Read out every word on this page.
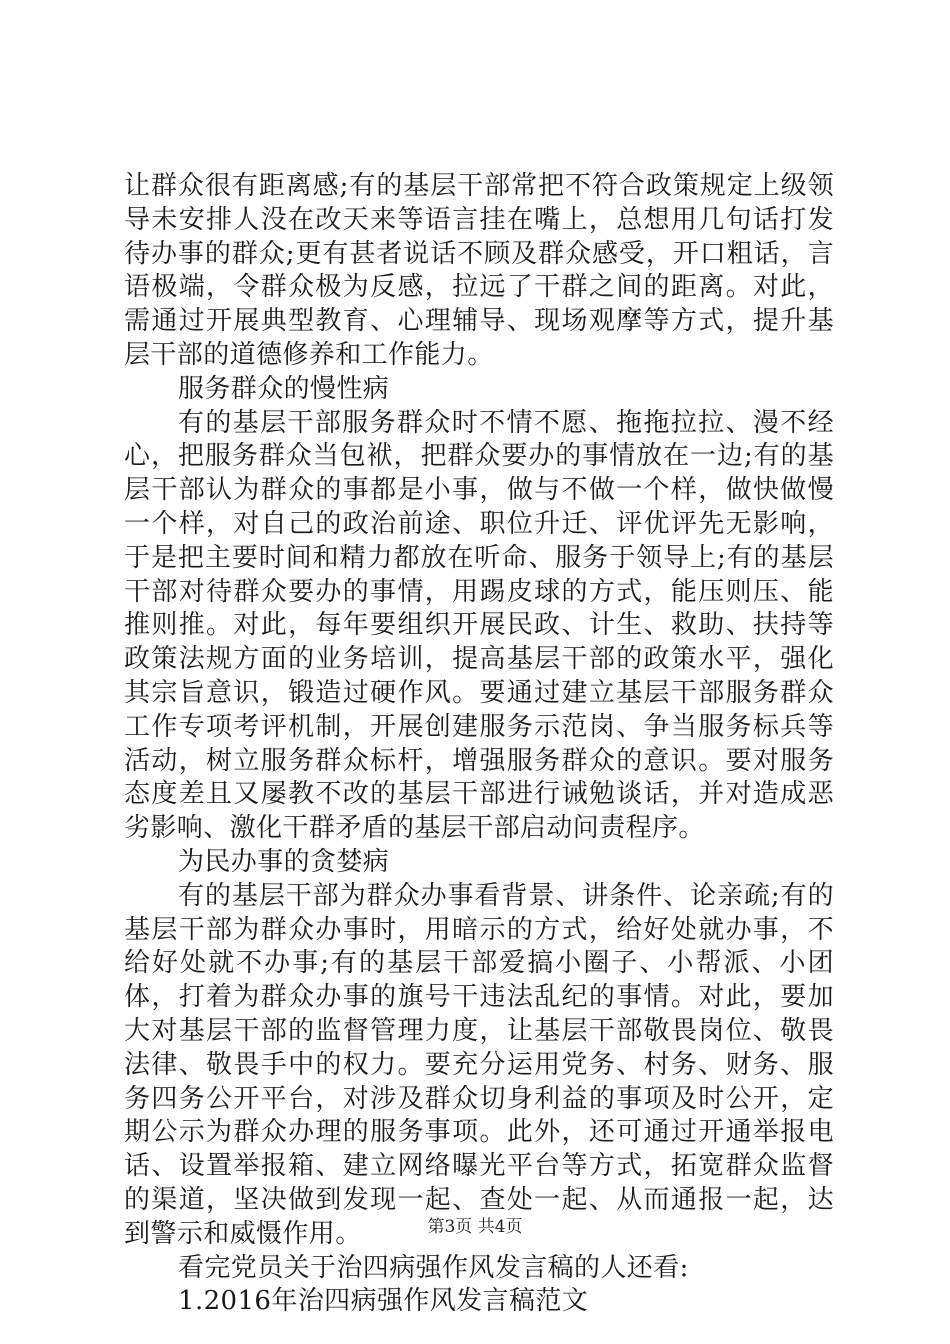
让群众很有距离感;有的基层干部常把不符合政策规定上级领导未安排人没在改天来等语言挂在嘴上，总想用几句话打发待办事的群众;更有甚者说话不顾及群众感受，开口粗话，言语极端，令群众极为反感，拉远了干群之间的距离。对此，需通过开展典型教育、心理辅导、现场观摩等方式，提升基层干部的道德修养和工作能力。

服务群众的慢性病

有的基层干部服务群众时不情不愿、拖拖拉拉、漫不经心，把服务群众当包袱，把群众要办的事情放在一边;有的基层干部认为群众的事都是小事，做与不做一个样，做快做慢一个样，对自己的政治前途、职位升迁、评优评先无影响，于是把主要时间和精力都放在听命、服务于领导上;有的基层干部对待群众要办的事情，用踢皮球的方式，能压则压、能推则推。对此，每年要组织开展民政、计生、救助、扶持等政策法规方面的业务培训，提高基层干部的政策水平，强化其宗旨意识，锻造过硬作风。要通过建立基层干部服务群众工作专项考评机制，开展创建服务示范岗、争当服务标兵等活动，树立服务群众标杆，增强服务群众的意识。要对服务态度差且又屡教不改的基层干部进行诫勉谈话，并对造成恶劣影响、激化干群矛盾的基层干部启动问责程序。

为民办事的贪婪病

有的基层干部为群众办事看背景、讲条件、论亲疏;有的基层干部为群众办事时，用暗示的方式，给好处就办事，不给好处就不办事;有的基层干部爱搞小圈子、小帮派、小团体，打着为群众办事的旗号干违法乱纪的事情。对此，要加大对基层干部的监督管理力度，让基层干部敬畏岗位、敬畏法律、敬畏手中的权力。要充分运用党务、村务、财务、服务四务公开平台，对涉及群众切身利益的事项及时公开，定期公示为群众办理的服务事项。此外，还可通过开通举报电话、设置举报箱、建立网络曝光平台等方式，拓宽群众监督的渠道，坚决做到发现一起、查处一起、从而通报一起，达到警示和威慑作用。

看完党员关于治四病强作风发言稿的人还看:

1.2016年治四病强作风发言稿范文

第3页 共4页
